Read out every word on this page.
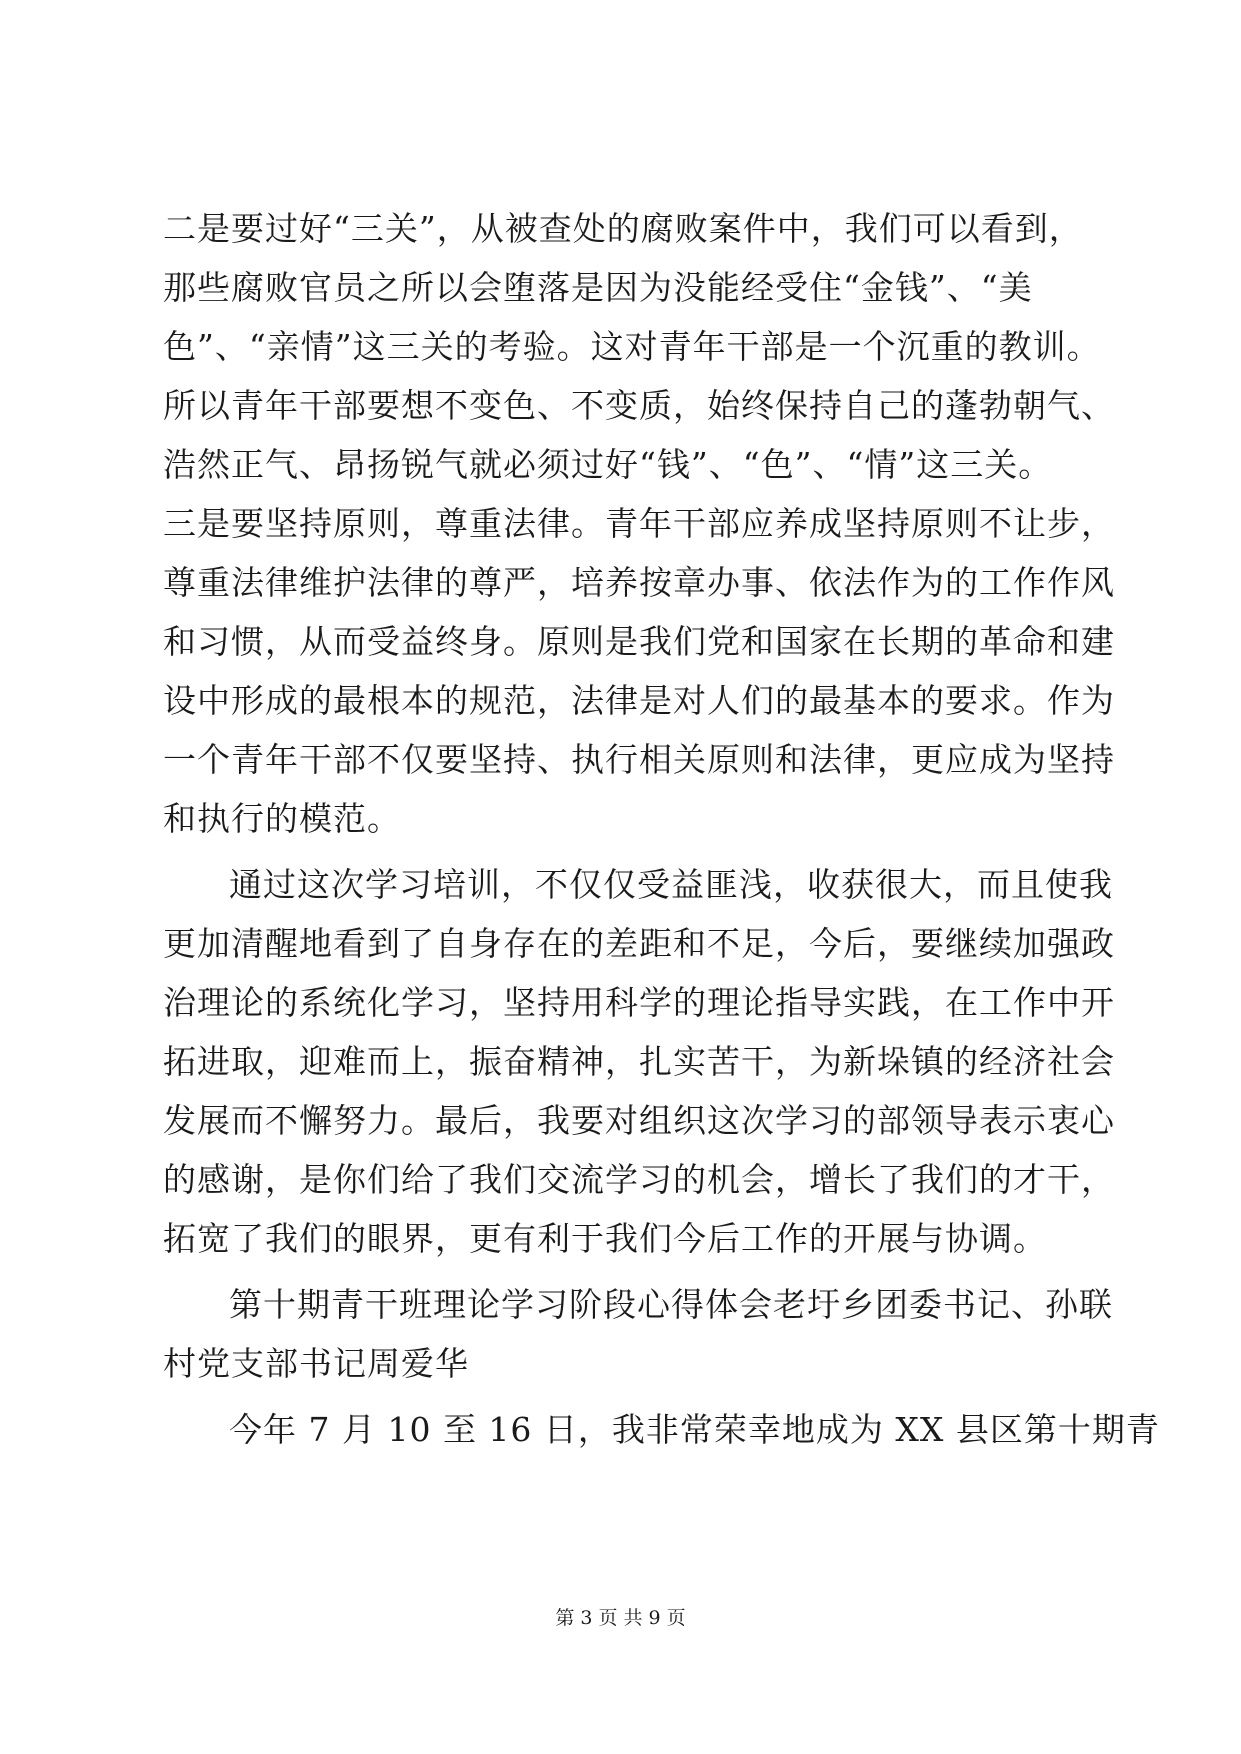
二是要过好“三关”，从被查处的腐败案件中，我们可以看到，
那些腐败官员之所以会堕落是因为没能经受住“金钱”、“美
色”、“亲情”这三关的考验。这对青年干部是一个沉重的教训。
所以青年干部要想不变色、不变质，始终保持自己的蓬勃朝气、
浩然正气、昂扬锐气就必须过好“钱”、“色”、“情”这三关。
三是要坚持原则，尊重法律。青年干部应养成坚持原则不让步，
尊重法律维护法律的尊严，培养按章办事、依法作为的工作作风
和习惯，从而受益终身。原则是我们党和国家在长期的革命和建
设中形成的最根本的规范，法律是对人们的最基本的要求。作为
一个青年干部不仅要坚持、执行相关原则和法律，更应成为坚持
和执行的模范。
通过这次学习培训，不仅仅受益匪浅，收获很大，而且使我
更加清醒地看到了自身存在的差距和不足，今后，要继续加强政
治理论的系统化学习，坚持用科学的理论指导实践，在工作中开
拓进取，迎难而上，振奋精神，扎实苦干，为新垛镇的经济社会
发展而不懈努力。最后，我要对组织这次学习的部领导表示衷心
的感谢，是你们给了我们交流学习的机会，增长了我们的才干，
拓宽了我们的眼界，更有利于我们今后工作的开展与协调。
第十期青干班理论学习阶段心得体会老圩乡团委书记、孙联
村党支部书记周爱华
今年 7 月 10 至 16 日，我非常荣幸地成为 XX 县区第十期青
第 3 页 共 9 页
